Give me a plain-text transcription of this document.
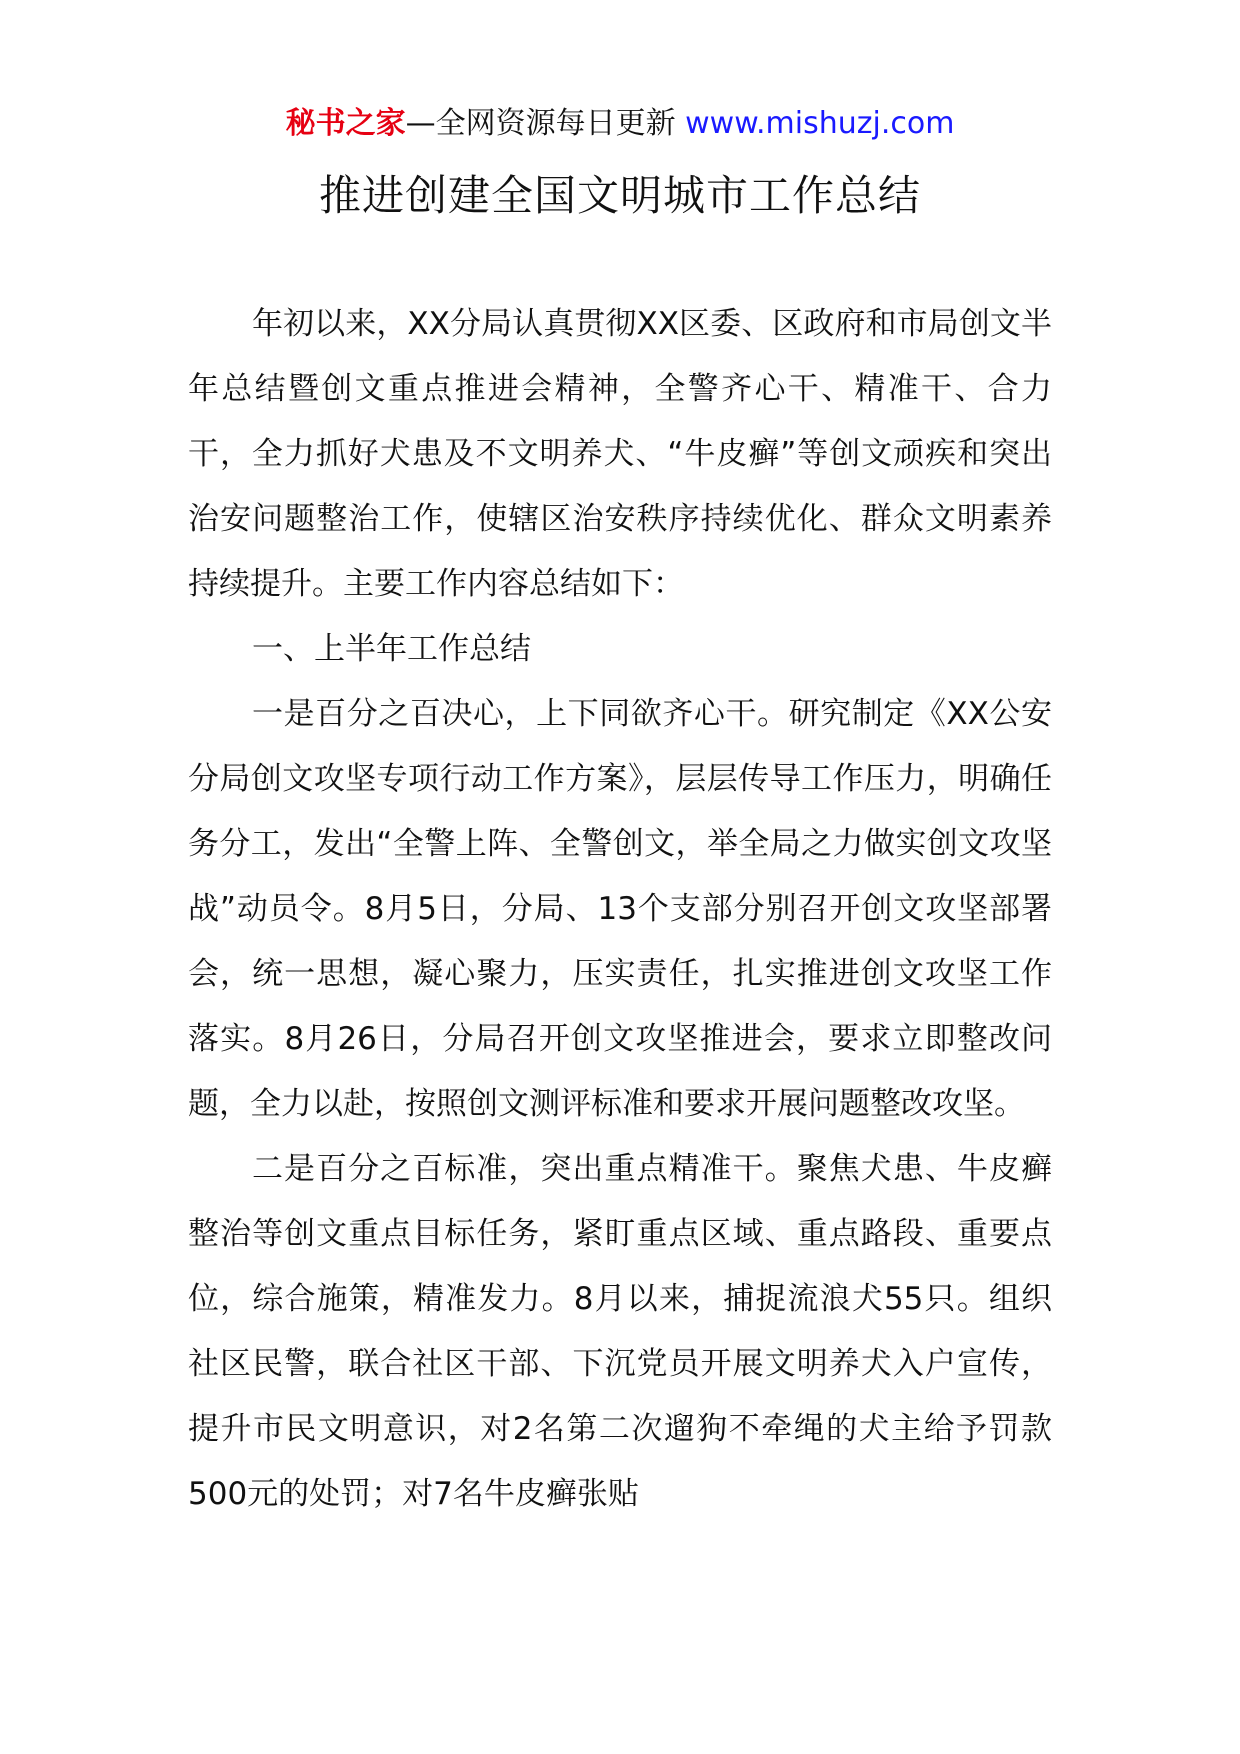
秘书之家—全网资源每日更新 www.mishuzj.com
推进创建全国文明城市工作总结

年初以来，XX分局认真贯彻XX区委、区政府和市局创文半年总结暨创文重点推进会精神，全警齐心干、精准干、合力干，全力抓好犬患及不文明养犬、“牛皮癣”等创文顽疾和突出治安问题整治工作，使辖区治安秩序持续优化、群众文明素养持续提升。主要工作内容总结如下：

一、上半年工作总结

一是百分之百决心，上下同欲齐心干。研究制定《XX公安分局创文攻坚专项行动工作方案》，层层传导工作压力，明确任务分工，发出“全警上阵、全警创文，举全局之力做实创文攻坚战”动员令。8月5日，分局、13个支部分别召开创文攻坚部署会，统一思想，凝心聚力，压实责任，扎实推进创文攻坚工作落实。8月26日，分局召开创文攻坚推进会，要求立即整改问题，全力以赴，按照创文测评标准和要求开展问题整改攻坚。

二是百分之百标准，突出重点精准干。聚焦犬患、牛皮癣整治等创文重点目标任务，紧盯重点区域、重点路段、重要点位，综合施策，精准发力。8月以来，捕捉流浪犬55只。组织社区民警，联合社区干部、下沉党员开展文明养犬入户宣传，提升市民文明意识，对2名第二次遛狗不牵绳的犬主给予罚款500元的处罚；对7名牛皮癣张贴
